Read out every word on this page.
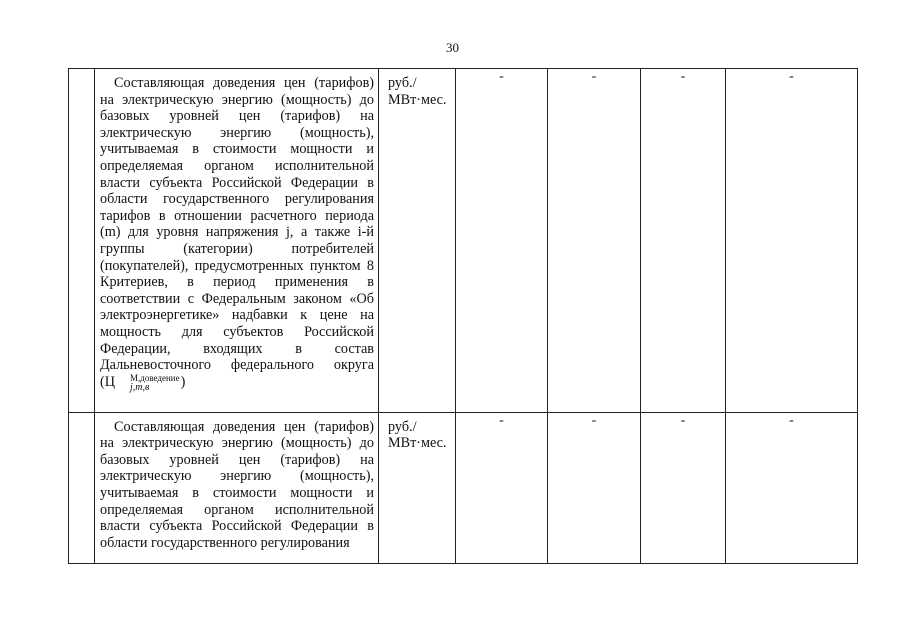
30

	Составляющая доведения цен (тарифов) на электрическую энергию (мощность) до базовых уровней цен (тарифов) на электрическую энергию (мощность), учитываемая в стоимости мощности и определяемая органом исполнительной власти субъекта Российской Федерации в области государственного регулирования тарифов в отношении расчетного периода (m) для уровня напряжения j, а также i-й группы (категории) потребителей (покупателей), предусмотренных пунктом 8 Критериев, в период применения в соответствии с Федеральным законом «Об электроэнергетике» надбавки к цене на мощность для субъектов Российской Федерации, входящих в состав Дальневосточного федерального округа (Ц М,доведение
j,m,в )	руб./
МВт·мес.	-	-	-	-

	Составляющая доведения цен (тарифов) на электрическую энергию (мощность) до базовых уровней цен (тарифов) на электрическую энергию (мощность), учитываемая в стоимости мощности и определяемая органом исполнительной власти субъекта Российской Федерации в области государственного регулирования	руб./
МВт·мес.	-	-	-	-
